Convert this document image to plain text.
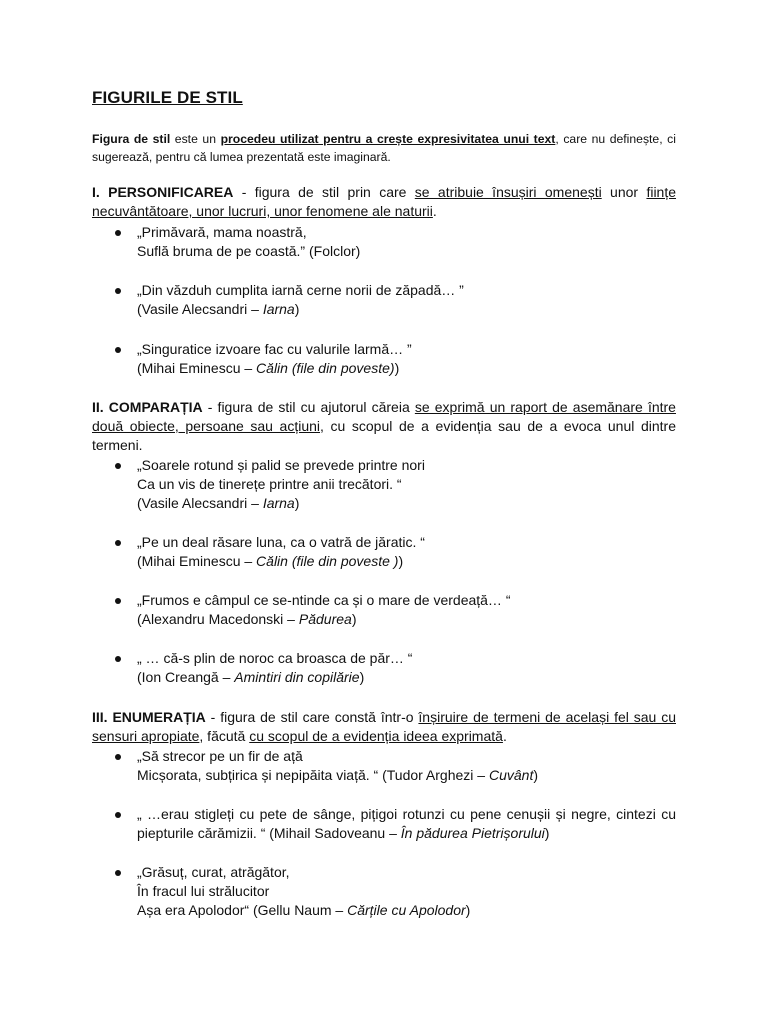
FIGURILE DE STIL
Figura de stil este un procedeu utilizat pentru a crește expresivitatea unui text, care nu definește, ci sugerează, pentru că lumea prezentată este imaginară.
I. PERSONIFICAREA - figura de stil prin care se atribuie însușiri omenești unor ființe necuvântătoare, unor lucruri, unor fenomene ale naturii.
„Primăvară, mama noastră,
Suflă bruma de pe coastă.” (Folclor)
„Din văzduh cumplita iarnă cerne norii de zăpadă… ”
(Vasile Alecsandri – Iarna)
„Singuratice izvoare fac cu valurile larmă… ”
(Mihai Eminescu – Călin (file din poveste))
II. COMPARAȚIA - figura de stil cu ajutorul căreia se exprimă un raport de asemănare între două obiecte, persoane sau acțiuni, cu scopul de a evidenția sau de a evoca unul dintre termeni.
„Soarele rotund și palid se prevede printre nori
Ca un vis de tinerețe printre anii trecători. “
(Vasile Alecsandri – Iarna)
„Pe un deal răsare luna, ca o vatră de jăratic. “
(Mihai Eminescu – Călin (file din poveste ))
„Frumos e câmpul ce se-ntinde ca și o mare de verdeață… “
(Alexandru Macedonski – Pădurea)
„ … că-s plin de noroc ca broasca de păr… “
(Ion Creangă – Amintiri din copilărie)
III. ENUMERAȚIA - figura de stil care constă într-o înșiruire de termeni de același fel sau cu sensuri apropiate, făcută cu scopul de a evidenția ideea exprimată.
„Să strecor pe un fir de ață
Micșorata, subțirica și nepipăita viață. “ (Tudor Arghezi – Cuvânt)
„ …erau stigleți cu pete de sânge, pițigoi rotunzi cu pene cenușii și negre, cintezi cu piepturile cărămizii. “ (Mihail Sadoveanu – În pădurea Pietrișorului)
„Grăsuț, curat, atrăgător,
În fracul lui strălucitor
Așa era Apolodor“ (Gellu Naum – Cărțile cu Apolodor)
